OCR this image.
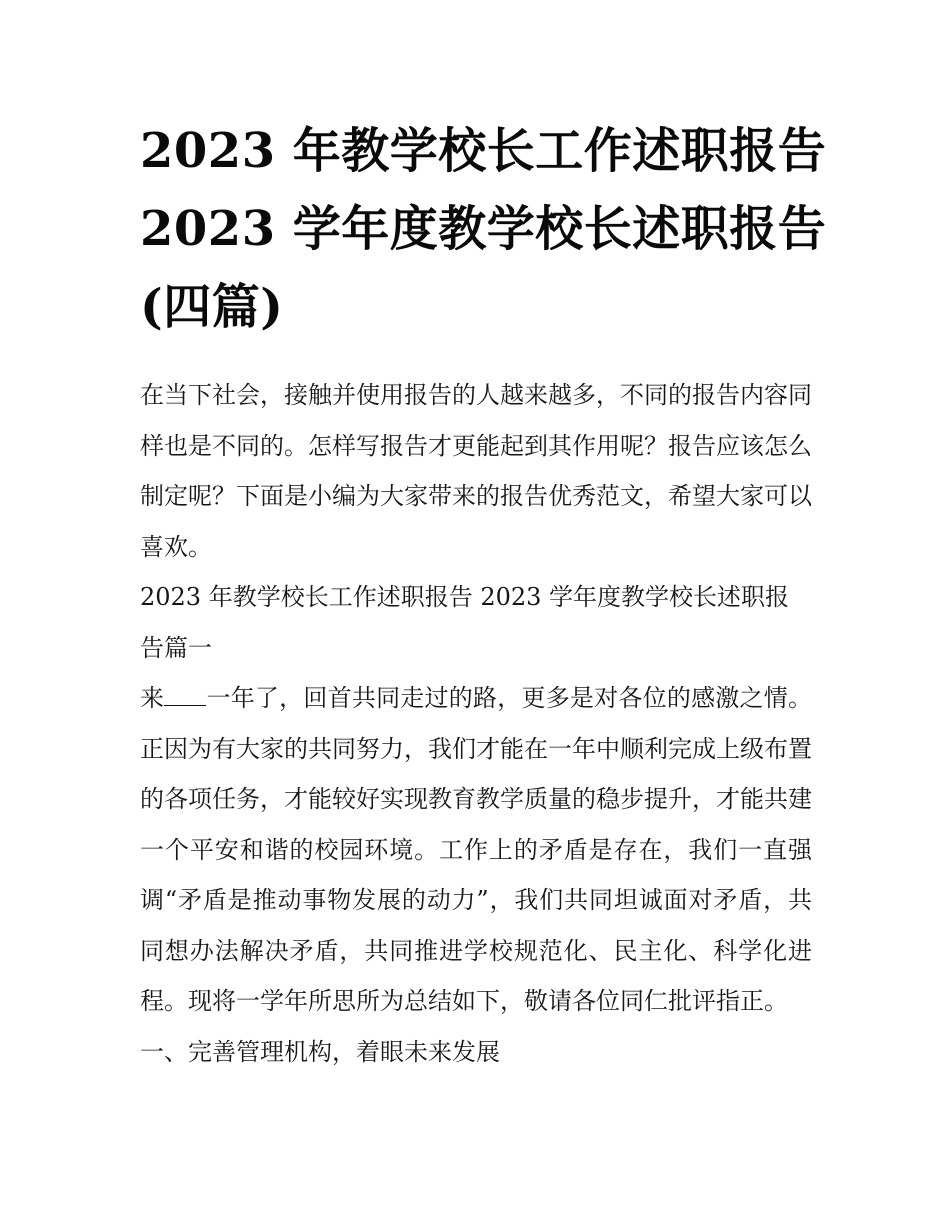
2023 年教学校长工作述职报告
2023 学年度教学校长述职报告
(四篇)

在当下社会，接触并使用报告的人越来越多，不同的报告内容同样也是不同的。怎样写报告才更能起到其作用呢？报告应该怎么制定呢？下面是小编为大家带来的报告优秀范文，希望大家可以喜欢。

2023 年教学校长工作述职报告 2023 学年度教学校长述职报告篇一

来 一年了，回首共同走过的路，更多是对各位的感激之情。正因为有大家的共同努力，我们才能在一年中顺利完成上级布置的各项任务，才能较好实现教育教学质量的稳步提升，才能共建一个平安和谐的校园环境。工作上的矛盾是存在，我们一直强调“矛盾是推动事物发展的动力”，我们共同坦诚面对矛盾，共同想办法解决矛盾，共同推进学校规范化、民主化、科学化进程。现将一学年所思所为总结如下，敬请各位同仁批评指正。

一、完善管理机构，着眼未来发展
